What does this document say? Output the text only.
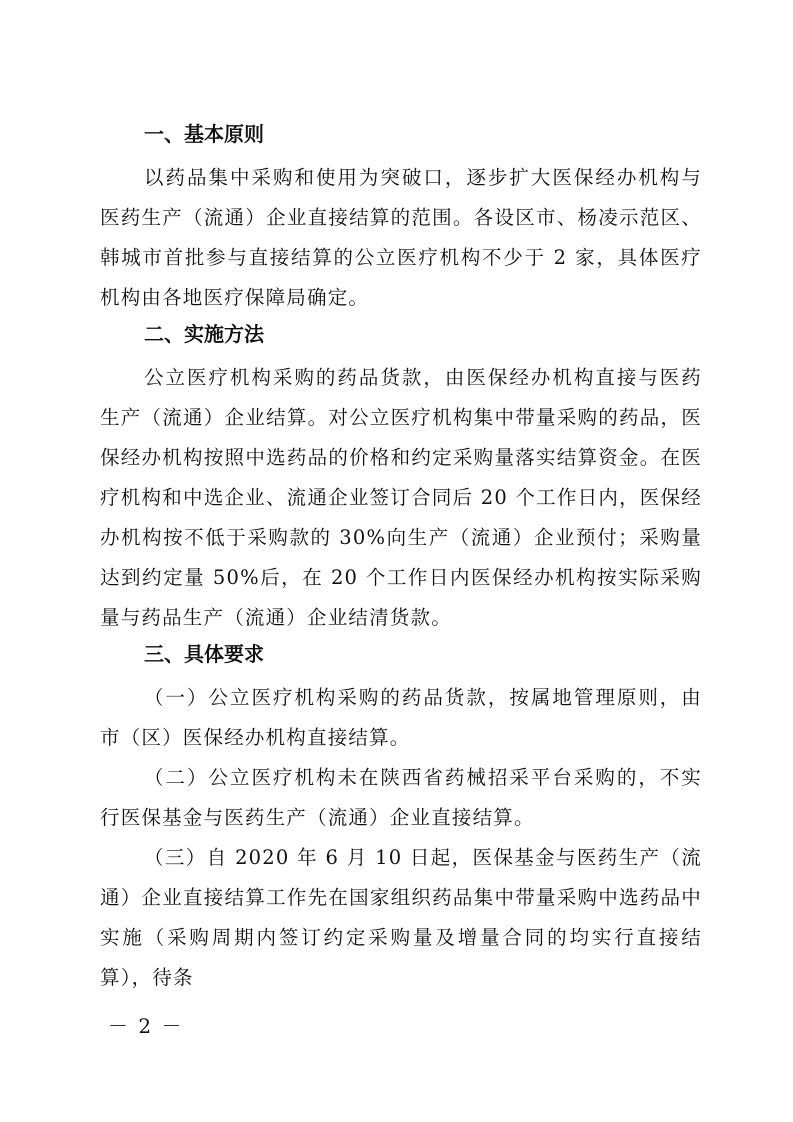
一、基本原则

以药品集中采购和使用为突破口，逐步扩大医保经办机构与医药生产（流通）企业直接结算的范围。各设区市、杨凌示范区、韩城市首批参与直接结算的公立医疗机构不少于 2 家，具体医疗机构由各地医疗保障局确定。

二、实施方法

公立医疗机构采购的药品货款，由医保经办机构直接与医药生产（流通）企业结算。对公立医疗机构集中带量采购的药品，医保经办机构按照中选药品的价格和约定采购量落实结算资金。在医疗机构和中选企业、流通企业签订合同后 20 个工作日内，医保经办机构按不低于采购款的 30%向生产（流通）企业预付；采购量达到约定量 50%后，在 20 个工作日内医保经办机构按实际采购量与药品生产（流通）企业结清货款。

三、具体要求

（一）公立医疗机构采购的药品货款，按属地管理原则，由市（区）医保经办机构直接结算。

（二）公立医疗机构未在陕西省药械招采平台采购的，不实行医保基金与医药生产（流通）企业直接结算。

（三）自 2020 年 6 月 10 日起，医保基金与医药生产（流通）企业直接结算工作先在国家组织药品集中带量采购中选药品中实施（采购周期内签订约定采购量及增量合同的均实行直接结算），待条

－ 2 －
